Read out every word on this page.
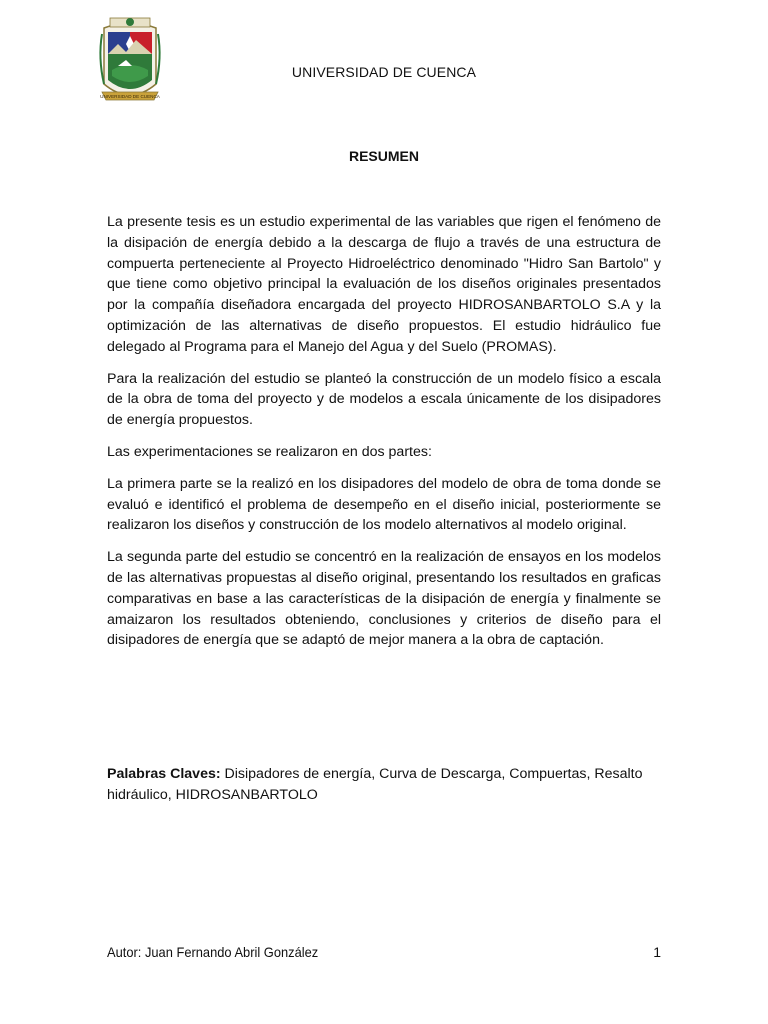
UNIVERSIDAD DE CUENCA
UNIVERSIDAD DE CUENCA
RESUMEN

La presente tesis es un estudio experimental de las variables que rigen el fenómeno de la disipación de energía debido a la descarga de flujo a través de una estructura de compuerta perteneciente al Proyecto Hidroeléctrico denominado "Hidro San Bartolo" y que tiene como objetivo principal la evaluación de los diseños originales presentados por la compañía diseñadora encargada del proyecto HIDROSANBARTOLO S.A y la optimización de las alternativas de diseño propuestos. El estudio hidráulico fue delegado al Programa para el Manejo del Agua y del Suelo (PROMAS).

Para la realización del estudio se planteó la construcción de un modelo físico a escala de la obra de toma del proyecto y de modelos a escala únicamente de los disipadores de energía propuestos.

Las experimentaciones se realizaron en dos partes:

La primera parte se la realizó en los disipadores del modelo de obra de toma donde se evaluó e identificó el problema de desempeño en el diseño inicial, posteriormente se realizaron los diseños y construcción de los modelo alternativos al modelo original.

La segunda parte del estudio se concentró en la realización de ensayos en los modelos de las alternativas propuestas al diseño original, presentando los resultados en graficas comparativas en base a las características de la disipación de energía y finalmente se amaizaron los resultados obteniendo, conclusiones y criterios de diseño para el disipadores de energía que se adaptó de mejor manera a la obra de captación.

Palabras Claves: Disipadores de energía, Curva de Descarga, Compuertas, Resalto hidráulico, HIDROSANBARTOLO
Autor: Juan Fernando Abril González	1
